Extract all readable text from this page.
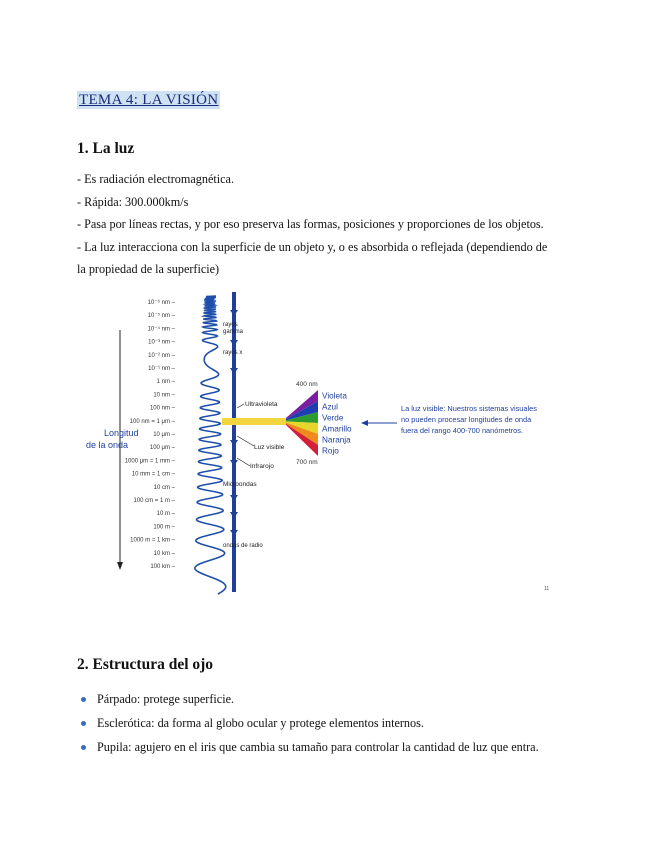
TEMA 4: LA VISIÓN
1. La luz
- Es radiación electromagnética.
- Rápida: 300.000km/s
- Pasa por líneas rectas, y por eso preserva las formas, posiciones y proporciones de los objetos.
- La luz interacciona con la superficie de un objeto y, o es absorbida o reflejada (dependiendo de
la propiedad de la superficie)
10⁻⁶ nm –
10⁻⁵ nm –
10⁻⁴ nm –
10⁻³ nm –
10⁻² nm –
10⁻¹ nm –
1 nm –
10 nm –
100 nm –
100 nm = 1 μm –
10 μm –
100 μm –
1000 μm = 1 mm –
10 mm = 1 cm –
10 cm –
100 cm = 1 m –
10 m –
100 m –
1000 m = 1 km –
10 km –
100 km –
Longitud
de la onda
rayos
gamma
rayos x
Ultravioleta
Luz visible
Infrarojo
Microondas
ondas de radio
400 nm
700 nm
Violeta
Azul
Verde
Amarillo
Naranja
Rojo
La luz visible: Nuestros sistemas visuales
no pueden procesar longitudes de onda
fuera del rango 400-700 nanómetros.
11
2. Estructura del ojo
Párpado: protege superficie.
Esclerótica: da forma al globo ocular y protege elementos internos.
Pupila: agujero en el iris que cambia su tamaño para controlar la cantidad de luz que entra.
